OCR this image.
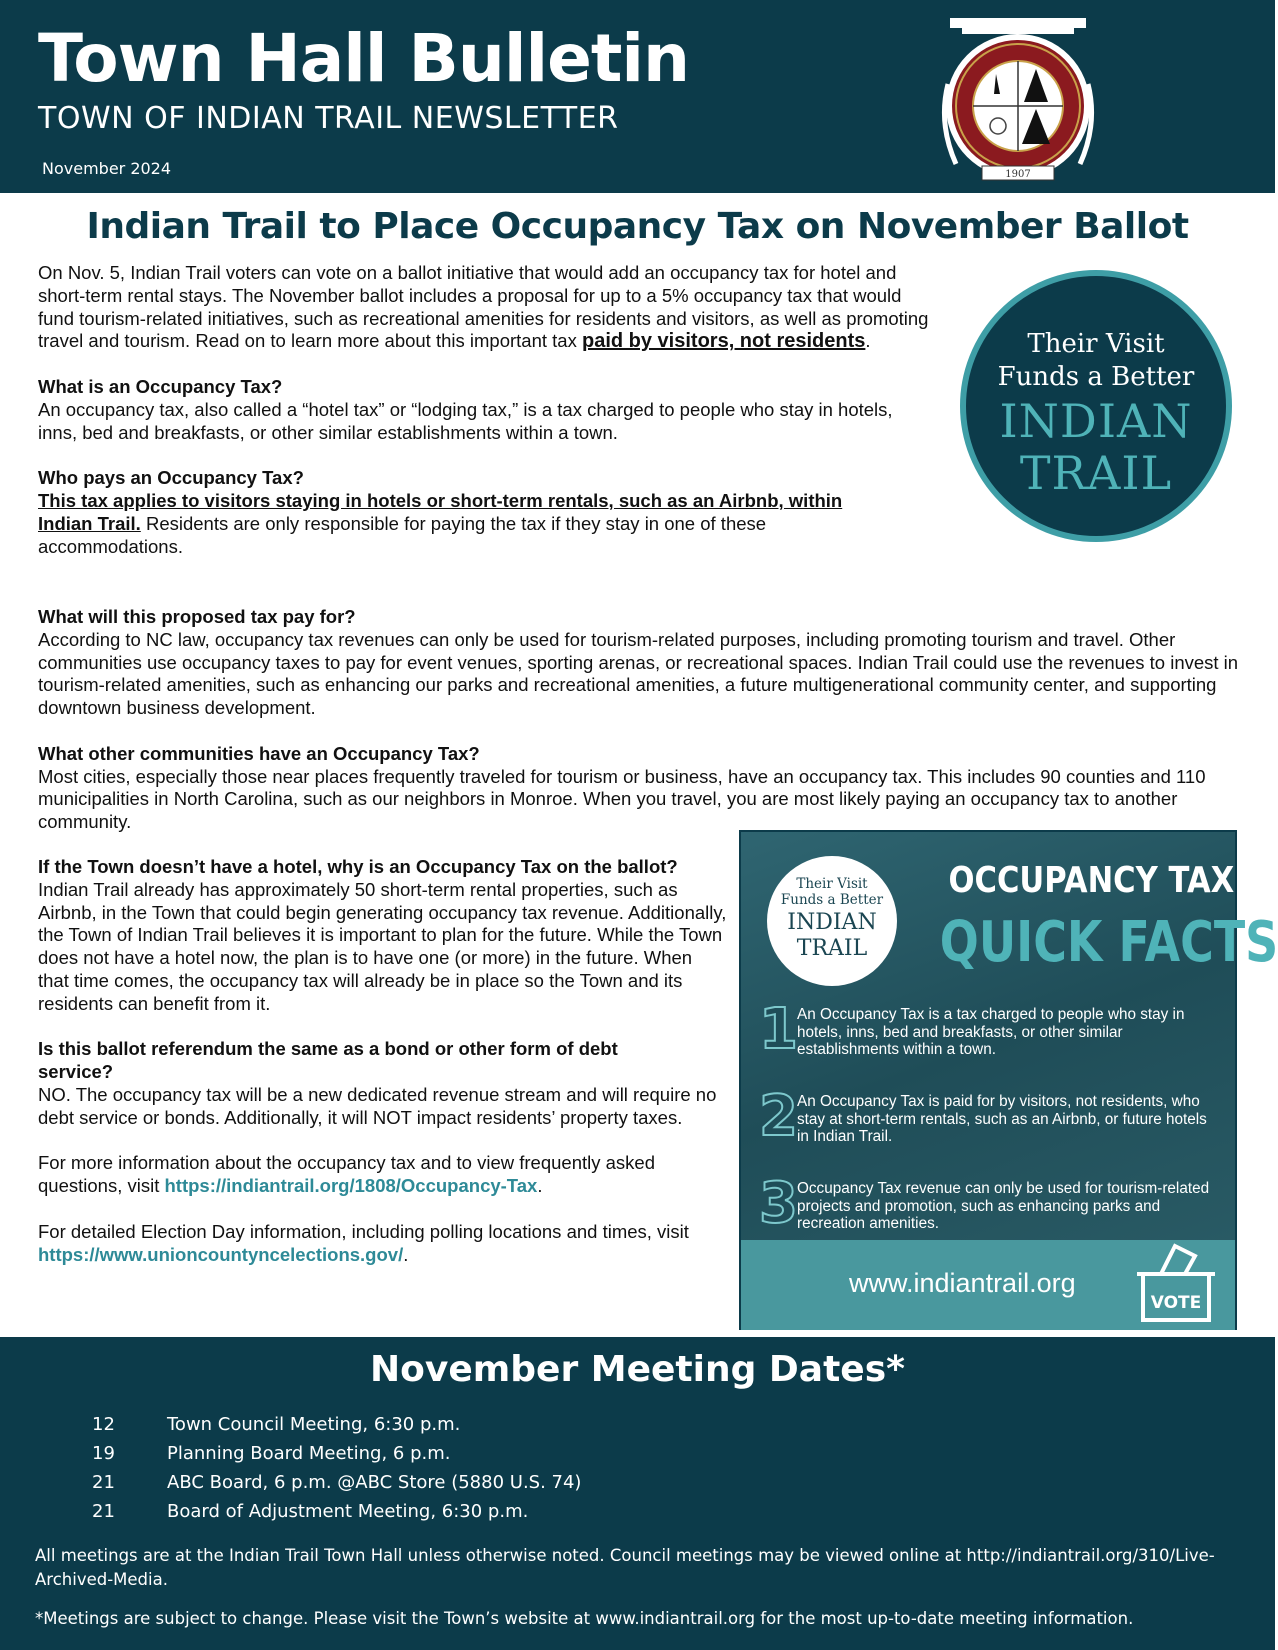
Town Hall Bulletin
TOWN OF INDIAN TRAIL NEWSLETTER
November 2024	1907
Indian Trail to Place Occupancy Tax on November Ballot

On Nov. 5, Indian Trail voters can vote on a ballot initiative that would add an occupancy tax for hotel and short-term rental stays. The November ballot includes a proposal for up to a 5% occupancy tax that would fund tourism-related initiatives, such as recreational amenities for residents and visitors, as well as promoting travel and tourism. Read on to learn more about this important tax paid by visitors, not residents.

What is an Occupancy Tax?

An occupancy tax, also called a “hotel tax” or “lodging tax,” is a tax charged to people who stay in hotels, inns, bed and breakfasts, or other similar establishments within a town.

Who pays an Occupancy Tax?

This tax applies to visitors staying in hotels or short-term rentals, such as an Airbnb, within Indian Trail. Residents are only responsible for paying the tax if they stay in one of these accommodations.

Their Visit
Funds a Better
INDIAN
TRAIL

What will this proposed tax pay for?

According to NC law, occupancy tax revenues can only be used for tourism-related purposes, including promoting tourism and travel. Other communities use occupancy taxes to pay for event venues, sporting arenas, or recreational spaces. Indian Trail could use the revenues to invest in tourism-related amenities, such as enhancing our parks and recreational amenities, a future multigenerational community center, and supporting downtown business development.

What other communities have an Occupancy Tax?

Most cities, especially those near places frequently traveled for tourism or business, have an occupancy tax. This includes 90 counties and 110 municipalities in North Carolina, such as our neighbors in Monroe. When you travel, you are most likely paying an occupancy tax to another community.

If the Town doesn’t have a hotel, why is an Occupancy Tax on the ballot?

Indian Trail already has approximately 50 short-term rental properties, such as Airbnb, in the Town that could begin generating occupancy tax revenue. Additionally, the Town of Indian Trail believes it is important to plan for the future. While the Town does not have a hotel now, the plan is to have one (or more) in the future. When that time comes, the occupancy tax will already be in place so the Town and its residents can benefit from it.

Is this ballot referendum the same as a bond or other form of debt service?

NO. The occupancy tax will be a new dedicated revenue stream and will require no debt service or bonds. Additionally, it will NOT impact residents’ property taxes.

For more information about the occupancy tax and to view frequently asked questions, visit https://indiantrail.org/1808/Occupancy-Tax.

For detailed Election Day information, including polling locations and times, visit https://www.unioncountyncelections.gov/.

Their Visit
Funds a Better
INDIAN
TRAIL
OCCUPANCY TAX
QUICK FACTS
1 An Occupancy Tax is a tax charged to people who stay in hotels, inns, bed and breakfasts, or other similar establishments within a town.
2 An Occupancy Tax is paid for by visitors, not residents, who stay at short-term rentals, such as an Airbnb, or future hotels in Indian Trail.
3 Occupancy Tax revenue can only be used for tourism-related projects and promotion, such as enhancing parks and recreation amenities.
www.indiantrail.org
VOTE
November Meeting Dates*
12	Town Council Meeting, 6:30 p.m.
19	Planning Board Meeting, 6 p.m.
21	ABC Board, 6 p.m. @ABC Store (5880 U.S. 74)
21	Board of Adjustment Meeting, 6:30 p.m.
All meetings are at the Indian Trail Town Hall unless otherwise noted. Council meetings may be viewed online at http://indiantrail.org/310/Live-Archived-Media.
*Meetings are subject to change. Please visit the Town’s website at www.indiantrail.org for the most up-to-date meeting information.
